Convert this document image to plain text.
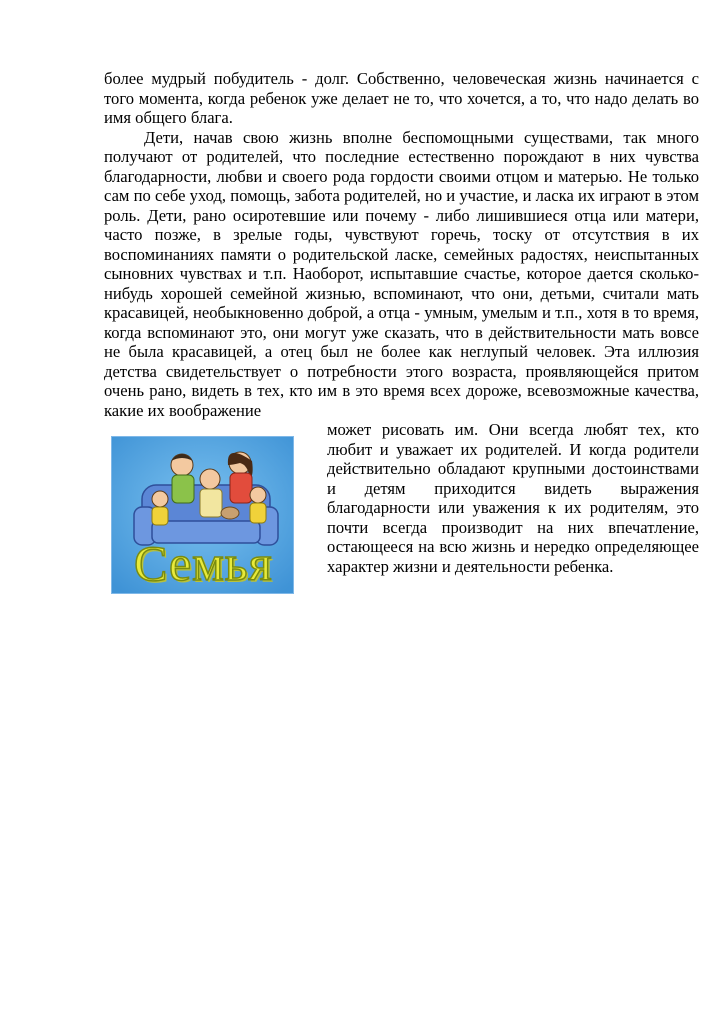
более мудрый побудитель - долг. Собственно, человеческая жизнь начинается с того момента, когда ребенок уже делает не то, что хочется, а то, что надо делать во имя общего блага.

Дети, начав свою жизнь вполне беспомощными существами, так много получают от родителей, что последние естественно порождают в них чувства благодарности, любви и своего рода гордости своими отцом и матерью. Не только сам по себе уход, помощь, забота родителей, но и участие, и ласка их играют в этом роль. Дети, рано осиротевшие или почему - либо лишившиеся отца или матери, часто позже, в зрелые годы, чувствуют горечь, тоску от отсутствия в их воспоминаниях памяти о родительской ласке, семейных радостях, неиспытанных сыновних чувствах и т.п. Наоборот, испытавшие счастье, которое дается сколько-нибудь хорошей семейной жизнью, вспоминают, что они, детьми, считали мать красавицей, необыкновенно доброй, а отца - умным, умелым и т.п., хотя в то время, когда вспоминают это, они могут уже сказать, что в действительности мать вовсе не была красавицей, а отец был не более как неглупый человек. Эта иллюзия детства свидетельствует о потребности этого возраста, проявляющейся притом очень рано, видеть в тех, кто им в это время всех дороже, всевозможные качества, какие их воображение

Семья

может рисовать им. Они всегда любят тех, кто любит и уважает их родителей. И когда родители действительно обладают крупными достоинствами и детям приходится видеть выражения благодарности или уважения к их родителям, это почти всегда производит на них впечатление, остающееся на всю жизнь и нередко определяющее характер жизни и деятельности ребенка.
